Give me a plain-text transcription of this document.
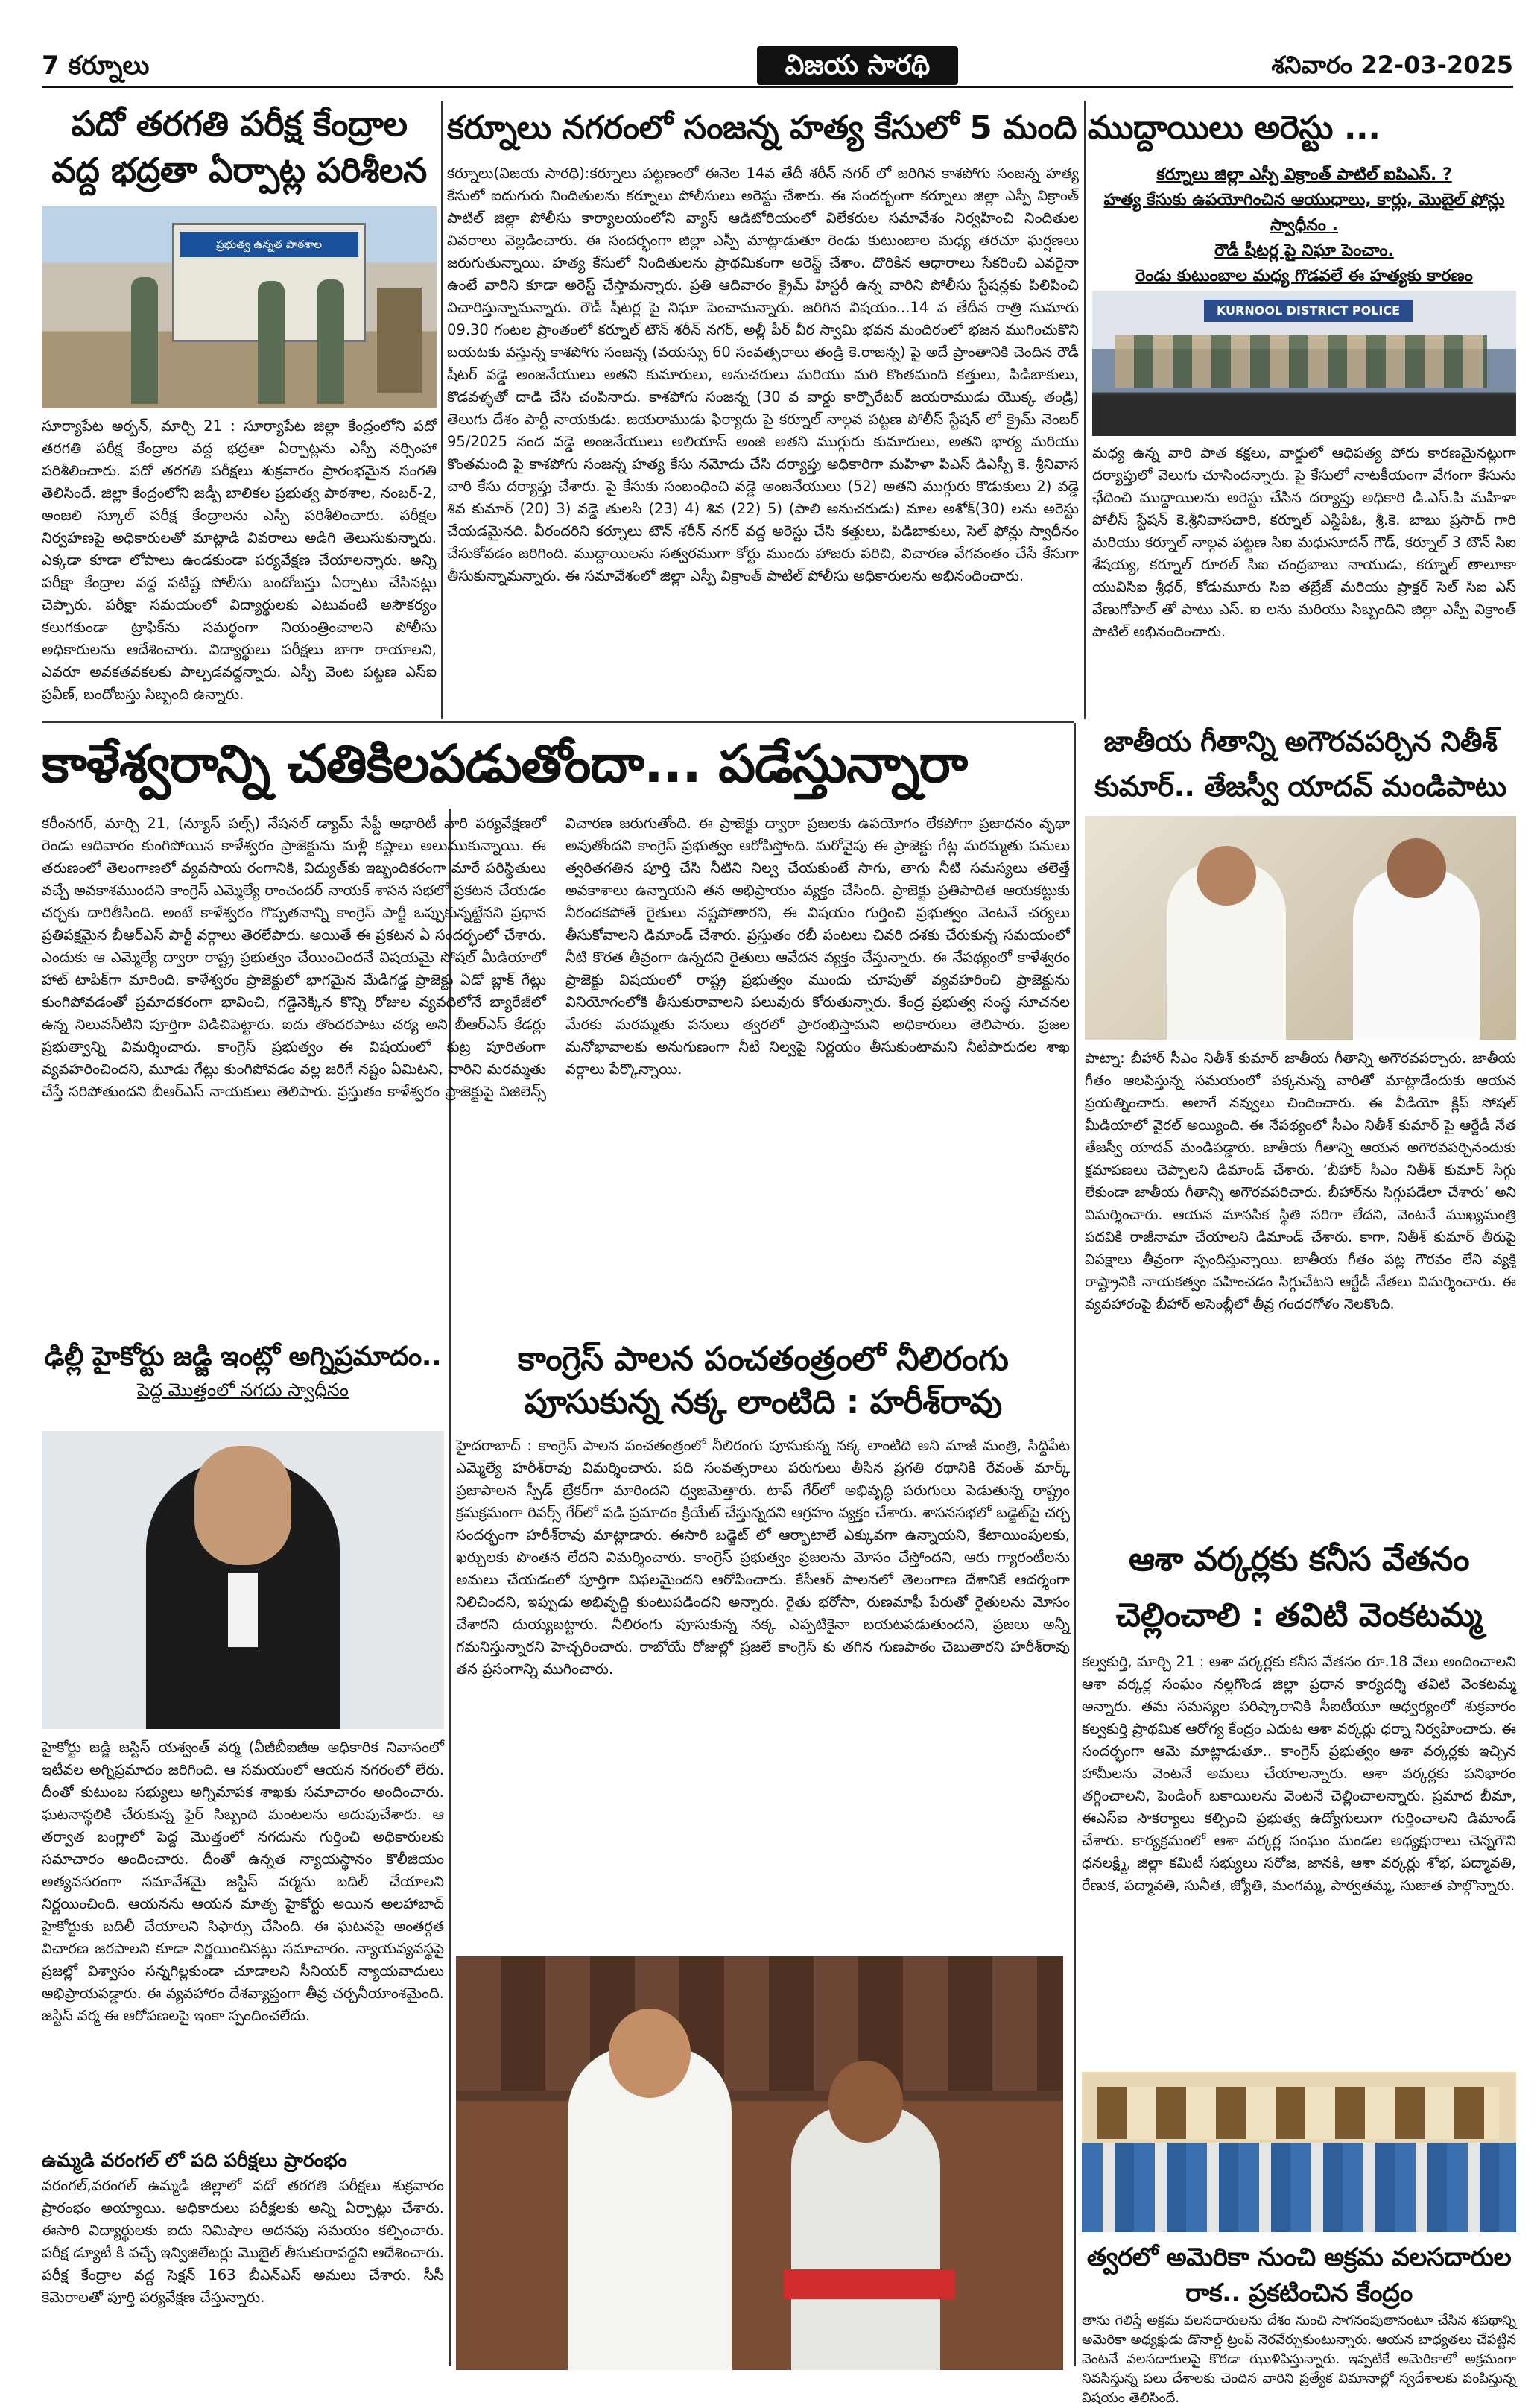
7 కర్నూలు	విజయ సారథి	శనివారం 22-03-2025
పదో తరగతి పరీక్ష కేంద్రాల వద్ద భద్రతా ఏర్పాట్ల పరిశీలన
ప్రభుత్వ ఉన్నత పాఠశాల
సూర్యాపేట అర్బన్, మార్చి 21 : సూర్యాపేట జిల్లా కేంద్రంలోని పదో తరగతి పరీక్ష కేంద్రాల వద్ద భద్రతా ఏర్పాట్లను ఎస్పీ నర్సింహా పరిశీలించారు. పదో తరగతి పరీక్షలు శుక్రవారం ప్రారంభమైన సంగతి తెలిసిందే. జిల్లా కేంద్రంలోని జడ్పీ బాలికల ప్రభుత్వ పాఠశాల, నంబర్-2, అంజలి స్కూల్ పరీక్ష కేంద్రాలను ఎస్పీ పరిశీలించారు. పరీక్షల నిర్వహణపై అధికారులతో మాట్లాడి వివరాలు అడిగి తెలుసుకున్నారు. ఎక్కడా కూడా లోపాలు ఉండకుండా పర్యవేక్షణ చేయాలన్నారు. అన్ని పరీక్షా కేంద్రాల వద్ద పటిష్ట పోలీసు బందోబస్తు ఏర్పాటు చేసినట్లు చెప్పారు. పరీక్షా సమయంలో విద్యార్థులకు ఎటువంటి అసౌకర్యం కలుగకుండా ట్రాఫిక్‌ను సమర్థంగా నియంత్రించాలని పోలీసు అధికారులను ఆదేశించారు. విద్యార్థులు పరీక్షలు బాగా రాయాలని, ఎవరూ అవకతవకలకు పాల్పడవద్దన్నారు. ఎస్పీ వెంట పట్టణ ఎస్ఐ ప్రవీణ్, బందోబస్తు సిబ్బంది ఉన్నారు.
కర్నూలు నగరంలో సంజన్న హత్య కేసులో 5 మంది ముద్దాయిలు అరెస్టు ...
కర్నూలు(విజయ సారథి):కర్నూలు పట్టణంలో ఈనెల 14వ తేదీ శరీన్ నగర్ లో జరిగిన కాశపోగు సంజన్న హత్య కేసులో ఐదుగురు నిందితులను కర్నూలు పోలీసులు అరెస్టు చేశారు. ఈ సందర్భంగా కర్నూలు జిల్లా ఎస్పీ విక్రాంత్ పాటిల్ జిల్లా పోలీసు కార్యాలయంలోని వ్యాస్ ఆడిటోరియంలో విలేకరుల సమావేశం నిర్వహించి నిందితుల వివరాలు వెల్లడించారు. ఈ సందర్భంగా జిల్లా ఎస్పీ మాట్లాడుతూ రెండు కుటుంబాల మధ్య తరచూ ఘర్షణలు జరుగుతున్నాయి. హత్య కేసులో నిందితులను ప్రాథమికంగా అరెస్ట్ చేశాం. దొరికిన ఆధారాలు సేకరించి ఎవరైనా ఉంటే వారిని కూడా అరెస్ట్ చేస్తామన్నారు. ప్రతి ఆదివారం క్రైమ్ హిస్టరీ ఉన్న వారిని పోలీసు స్టేషన్లకు పిలిపించి విచారిస్తున్నామన్నారు. రౌడీ షీటర్ల పై నిఘా పెంచామన్నారు. జరిగిన విషయం...14 వ తేదీన రాత్రి సుమారు 09.30 గంటల ప్రాంతంలో కర్నూల్ టౌన్ శరీన్ నగర్, అల్లీ పీర్ వీర స్వామి భవన మందిరంలో భజన ముగించుకొని బయటకు వస్తున్న కాశపోగు సంజన్న (వయస్సు 60 సంవత్సరాలు తండ్రి కె.రాజన్న) పై అదే ప్రాంతానికి చెందిన రౌడీ షీటర్ వడ్డె అంజనేయులు అతని కుమారులు, అనుచరులు మరియు మరి కొంతమంది కత్తులు, పిడిబాకులు, కొడవళ్ళతో దాడి చేసి చంపినారు. కాశపోగు సంజన్న (30 వ వార్డు కార్పొరేటర్ జయరాముడు యొక్క తండ్రి) తెలుగు దేశం పార్టీ నాయకుడు. జయరాముడు ఫిర్యాదు పై కర్నూల్ నాల్గవ పట్టణ పోలీస్ స్టేషన్ లో క్రైమ్ నెంబర్ 95/2025 నంద వడ్డె అంజనేయులు అలియాస్ అంజి అతని ముగ్గురు కుమారులు, అతని భార్య మరియు కొంతమంది పై కాశపోగు సంజన్న హత్య కేసు నమోదు చేసి దర్యాప్తు అధికారిగా మహిళా పిఎస్ డిఎస్పీ కె. శ్రీనివాస చారి కేసు దర్యాప్తు చేశారు. పై కేసుకు సంబంధించి వడ్డె అంజనేయులు (52) అతని ముగ్గురు కొడుకులు 2) వడ్డె శివ కుమార్ (20) 3) వడ్డె తులసి (23) 4) శివ (22) 5) (పాలి అనుచరుడు) మాల అశోక్(30) లను అరెస్టు చేయడమైనది. వీరందరిని కర్నూలు టౌన్ శరీన్ నగర్ వద్ద అరెస్టు చేసి కత్తులు, పిడిబాకులు, సెల్ ఫోన్లు స్వాధీనం చేసుకోవడం జరిగింది. ముద్దాయిలను సత్వరముగా కోర్టు ముందు హాజరు పరిచి, విచారణ వేగవంతం చేసే కేసుగా తీసుకున్నామన్నారు. ఈ సమావేశంలో జిల్లా ఎస్పీ విక్రాంత్ పాటిల్ పోలీసు అధికారులను అభినందించారు.
కర్నూలు జిల్లా ఎస్పీ విక్రాంత్ పాటిల్ ఐపిఎస్. ?
హత్య కేసుకు ఉపయోగించిన ఆయుధాలు, కార్లు, మొబైల్ ఫోన్లు స్వాధీనం .
రౌడీ షీటర్ల పై నిఘా పెంచాం.
రెండు కుటుంబాల మధ్య గొడవలే ఈ హత్యకు కారణం
KURNOOL DISTRICT POLICE
మధ్య ఉన్న వారి పాత కక్షలు, వార్డులో ఆధిపత్య పోరు కారణమైనట్లుగా దర్యాప్తులో వెలుగు చూసిందన్నారు. పై కేసులో నాటకీయంగా వేగంగా కేసును ఛేదించి ముద్దాయిలను అరెస్టు చేసిన దర్యాప్తు అధికారి డి.ఎస్.పి మహిళా పోలీస్ స్టేషన్ కె.శ్రీనివాసచారి, కర్నూల్ ఎస్డిపిఓ, శ్రీ.కె. బాబు ప్రసాద్ గారి మరియు కర్నూల్ నాల్గవ పట్టణ సిఐ మధుసూదన్ గౌడ్, కర్నూల్ 3 టౌన్ సిఐ శేషయ్య, కర్నూల్ రూరల్ సిఐ చంద్రబాబు నాయుడు, కర్నూల్ తాలూకా యువిసిఐ శ్రీధర్, కోడుమూరు సిఐ తబ్రేజ్ మరియు ప్రాక్షర్ సెల్ సిఐ ఎస్ వేణుగోపాల్ తో పాటు ఎస్. ఐ లను మరియు సిబ్బందిని జిల్లా ఎస్పీ విక్రాంత్ పాటిల్ అభినందించారు.
కాళేశ్వరాన్ని చతికిలపడుతోందా... పడేస్తున్నారా
కరీంనగర్, మార్చి 21, (న్యూస్ పల్స్) నేషనల్ డ్యామ్ సేఫ్టీ అథారిటీ వారి పర్యవేక్షణలో రెండు ఆదివారం కుంగిపోయిన కాళేశ్వరం ప్రాజెక్టును మళ్లీ కష్టాలు అలుముకున్నాయి. ఈ తరుణంలో తెలంగాణలో వ్యవసాయ రంగానికి, విద్యుత్‌కు ఇబ్బందికరంగా మారే పరిస్థితులు వచ్చే అవకాశముందని కాంగ్రెస్ ఎమ్మెల్యే రాంచందర్ నాయక్ శాసన సభలో ప్రకటన చేయడం చర్చకు దారితీసింది. అంటే కాళేశ్వరం గొప్పతనాన్ని కాంగ్రెస్ పార్టీ ఒప్పుకున్నట్టేనని ప్రధాన ప్రతిపక్షమైన బీఆర్ఎస్ పార్టీ వర్గాలు తెరలేపారు. అయితే ఈ ప్రకటన ఏ సందర్భంలో చేశారు. ఎందుకు ఆ ఎమ్మెల్యే ద్వారా రాష్ట్ర ప్రభుత్వం చేయించిందనే విషయమై సోషల్ మీడియాలో హాట్ టాపిక్‌గా మారింది. కాళేశ్వరం ప్రాజెక్టులో భాగమైన మేడిగడ్డ ప్రాజెక్టు ఏడో బ్లాక్ గేట్లు కుంగిపోవడంతో ప్రమాదకరంగా భావించి, గడ్డెనెక్కిన కొన్ని రోజుల వ్యవధిలోనే బ్యారేజీలో ఉన్న నిలువనీటిని పూర్తిగా విడిచిపెట్టారు. ఐదు తొందరపాటు చర్య అని బీఆర్ఎస్ కేడర్లు ప్రభుత్వాన్ని విమర్శించారు. కాంగ్రెస్ ప్రభుత్వం ఈ విషయంలో కుట్ర పూరితంగా వ్యవహరించిందని, మూడు గేట్లు కుంగిపోవడం వల్ల జరిగే నష్టం ఏమిటని, వారిని మరమ్మతు చేస్తే సరిపోతుందని బీఆర్ఎస్ నాయకులు తెలిపారు. ప్రస్తుతం కాళేశ్వరం ప్రాజెక్టుపై విజిలెన్స్ విచారణ జరుగుతోంది. ఈ ప్రాజెక్టు ద్వారా ప్రజలకు ఉపయోగం లేకపోగా ప్రజాధనం వృథా అవుతోందని కాంగ్రెస్ ప్రభుత్వం ఆరోపిస్తోంది. మరోవైపు ఈ ప్రాజెక్టు గేట్ల మరమ్మతు పనులు త్వరితగతిన పూర్తి చేసి నీటిని నిల్వ చేయకుంటే సాగు, తాగు నీటి సమస్యలు తలెత్తే అవకాశాలు ఉన్నాయని తన అభిప్రాయం వ్యక్తం చేసింది. ప్రాజెక్టు ప్రతిపాదిత ఆయకట్టుకు నీరందకపోతే రైతులు నష్టపోతారని, ఈ విషయం గుర్తించి ప్రభుత్వం వెంటనే చర్యలు తీసుకోవాలని డిమాండ్ చేశారు. ప్రస్తుతం రబీ పంటలు చివరి దశకు చేరుకున్న సమయంలో నీటి కొరత తీవ్రంగా ఉన్నదని రైతులు ఆవేదన వ్యక్తం చేస్తున్నారు. ఈ నేపథ్యంలో కాళేశ్వరం ప్రాజెక్టు విషయంలో రాష్ట్ర ప్రభుత్వం ముందు చూపుతో వ్యవహరించి ప్రాజెక్టును వినియోగంలోకి తీసుకురావాలని పలువురు కోరుతున్నారు. కేంద్ర ప్రభుత్వ సంస్థ సూచనల మేరకు మరమ్మతు పనులు త్వరలో ప్రారంభిస్తామని అధికారులు తెలిపారు. ప్రజల మనోభావాలకు అనుగుణంగా నీటి నిల్వపై నిర్ణయం తీసుకుంటామని నీటిపారుదల శాఖ వర్గాలు పేర్కొన్నాయి.
జాతీయ గీతాన్ని అగౌరవపర్చిన నితీశ్ కుమార్.. తేజస్వీ యాదవ్ మండిపాటు
పాట్నా: బీహార్ సీఎం నితీశ్ కుమార్ జాతీయ గీతాన్ని అగౌరవపర్చారు. జాతీయ గీతం ఆలపిస్తున్న సమయంలో పక్కనున్న వారితో మాట్లాడేందుకు ఆయన ప్రయత్నించారు. అలాగే నవ్వులు చిందించారు. ఈ వీడియో క్లిప్ సోషల్ మీడియాలో వైరల్ అయ్యింది. ఈ నేపథ్యంలో సీఎం నితీశ్ కుమార్ పై ఆర్జేడీ నేత తేజస్వీ యాదవ్ మండిపడ్డారు. జాతీయ గీతాన్ని ఆయన అగౌరవపర్చినందుకు క్షమాపణలు చెప్పాలని డిమాండ్ చేశారు. ‘బీహార్ సీఎం నితీశ్ కుమార్ సిగ్గు లేకుండా జాతీయ గీతాన్ని అగౌరవపరిచారు. బీహార్‌ను సిగ్గుపడేలా చేశారు’ అని విమర్శించారు. ఆయన మానసిక స్థితి సరిగా లేదని, వెంటనే ముఖ్యమంత్రి పదవికి రాజీనామా చేయాలని డిమాండ్ చేశారు. కాగా, నితీశ్ కుమార్ తీరుపై విపక్షాలు తీవ్రంగా స్పందిస్తున్నాయి. జాతీయ గీతం పట్ల గౌరవం లేని వ్యక్తి రాష్ట్రానికి నాయకత్వం వహించడం సిగ్గుచేటని ఆర్జేడీ నేతలు విమర్శించారు. ఈ వ్యవహారంపై బీహార్ అసెంబ్లీలో తీవ్ర గందరగోళం నెలకొంది.
ఢిల్లీ హైకోర్టు జడ్జి ఇంట్లో అగ్నిప్రమాదం..
పెద్ద మొత్తంలో నగదు స్వాధీనం
హైకోర్టు జడ్జి జస్టిస్ యశ్వంత్ వర్మ (వీజీబీఐజీఅ అధికారిక నివాసంలో ఇటీవల అగ్నిప్రమాదం జరిగింది. ఆ సమయంలో ఆయన నగరంలో లేరు. దీంతో కుటుంబ సభ్యులు అగ్నిమాపక శాఖకు సమాచారం అందించారు. ఘటనాస్థలికి చేరుకున్న ఫైర్ సిబ్బంది మంటలను అదుపుచేశారు. ఆ తర్వాత బంగ్లాలో పెద్ద మొత్తంలో నగదును గుర్తించి అధికారులకు సమాచారం అందించారు. దీంతో ఉన్నత న్యాయస్థానం కొలీజియం అత్యవసరంగా సమావేశమై జస్టిస్ వర్మను బదిలీ చేయాలని నిర్ణయించింది. ఆయనను ఆయన మాతృ హైకోర్టు అయిన అలహాబాద్ హైకోర్టుకు బదిలీ చేయాలని సిఫార్సు చేసింది. ఈ ఘటనపై అంతర్గత విచారణ జరపాలని కూడా నిర్ణయించినట్లు సమాచారం. న్యాయవ్యవస్థపై ప్రజల్లో విశ్వాసం సన్నగిల్లకుండా చూడాలని సీనియర్ న్యాయవాదులు అభిప్రాయపడ్డారు. ఈ వ్యవహారం దేశవ్యాప్తంగా తీవ్ర చర్చనీయాంశమైంది. జస్టిస్ వర్మ ఈ ఆరోపణలపై ఇంకా స్పందించలేదు.
ఉమ్మడి వరంగల్ లో పది పరీక్షలు ప్రారంభం
వరంగల్,వరంగల్ ఉమ్మడి జిల్లాలో పదో తరగతి పరీక్షలు శుక్రవారం ప్రారంభం అయ్యాయి. అధికారులు పరీక్షలకు అన్ని ఏర్పాట్లు చేశారు. ఈసారి విద్యార్థులకు ఐదు నిమిషాల అదనపు సమయం కల్పించారు. పరీక్ష డ్యూటీ కి వచ్చే ఇన్విజిలేటర్లు మొబైల్ తీసుకురావద్దని ఆదేశించారు. పరీక్ష కేంద్రాల వద్ద సెక్షన్ 163 బీఎన్ఎస్ అమలు చేశారు. సీసీ కెమెరాలతో పూర్తి పర్యవేక్షణ చేస్తున్నారు.
కాంగ్రెస్ పాలన పంచతంత్రంలో నీలిరంగు పూసుకున్న నక్క లాంటిది : హరీశ్‌రావు
హైదరాబాద్ : కాంగ్రెస్ పాలన పంచతంత్రంలో నీలిరంగు పూసుకున్న నక్క లాంటిది అని మాజీ మంత్రి, సిద్దిపేట ఎమ్మెల్యే హరీశ్‌రావు విమర్శించారు. పది సంవత్సరాలు పరుగులు తీసిన ప్రగతి రథానికి రేవంత్ మార్క్ ప్రజాపాలన స్పీడ్ బ్రేకర్‌గా మారిందని ధ్వజమెత్తారు. టాప్ గేర్‌లో అభివృద్ధి పరుగులు పెడుతున్న రాష్ట్రం క్రమక్రమంగా రివర్స్ గేర్‌లో పడి ప్రమాదం క్రియేట్ చేస్తున్నదని ఆగ్రహం వ్యక్తం చేశారు. శాసనసభలో బడ్జెట్‌పై చర్చ సందర్భంగా హరీశ్‌రావు మాట్లాడారు. ఈసారి బడ్జెట్ లో ఆర్భాటాలే ఎక్కువగా ఉన్నాయని, కేటాయింపులకు, ఖర్చులకు పొంతన లేదని విమర్శించారు. కాంగ్రెస్ ప్రభుత్వం ప్రజలను మోసం చేస్తోందని, ఆరు గ్యారంటీలను అమలు చేయడంలో పూర్తిగా విఫలమైందని ఆరోపించారు. కేసీఆర్ పాలనలో తెలంగాణ దేశానికే ఆదర్శంగా నిలిచిందని, ఇప్పుడు అభివృద్ధి కుంటుపడిందని అన్నారు. రైతు భరోసా, రుణమాఫీ పేరుతో రైతులను మోసం చేశారని దుయ్యబట్టారు. నీలిరంగు పూసుకున్న నక్క ఎప్పటికైనా బయటపడుతుందని, ప్రజలు అన్నీ గమనిస్తున్నారని హెచ్చరించారు. రాబోయే రోజుల్లో ప్రజలే కాంగ్రెస్ కు తగిన గుణపాఠం చెబుతారని హరీశ్‌రావు తన ప్రసంగాన్ని ముగించారు.
ఆశా వర్కర్లకు కనీస వేతనం చెల్లించాలి : తవిటి వెంకటమ్మ
కల్వకుర్తి, మార్చి 21 : ఆశా వర్కర్లకు కనీస వేతనం రూ.18 వేలు అందించాలని ఆశా వర్కర్ల సంఘం నల్లగొండ జిల్లా ప్రధాన కార్యదర్శి తవిటి వెంకటమ్మ అన్నారు. తమ సమస్యల పరిష్కారానికి సీఐటీయూ ఆధ్వర్యంలో శుక్రవారం కల్వకుర్తి ప్రాథమిక ఆరోగ్య కేంద్రం ఎదుట ఆశా వర్కర్లు ధర్నా నిర్వహించారు. ఈ సందర్భంగా ఆమె మాట్లాడుతూ.. కాంగ్రెస్ ప్రభుత్వం ఆశా వర్కర్లకు ఇచ్చిన హామీలను వెంటనే అమలు చేయాలన్నారు. ఆశా వర్కర్లకు పనిభారం తగ్గించాలని, పెండింగ్ బకాయిలను వెంటనే చెల్లించాలన్నారు. ప్రమాద బీమా, ఈఎస్ఐ సౌకర్యాలు కల్పించి ప్రభుత్వ ఉద్యోగులుగా గుర్తించాలని డిమాండ్ చేశారు. కార్యక్రమంలో ఆశా వర్కర్ల సంఘం మండల అధ్యక్షురాలు చెన్నగౌని ధనలక్ష్మి, జిల్లా కమిటీ సభ్యులు సరోజ, జానకి, ఆశా వర్కర్లు శోభ, పద్మావతి, రేణుక, పద్మావతి, సునీత, జ్యోతి, మంగమ్మ, పార్వతమ్మ, సుజాత పాల్గొన్నారు.
త్వరలో అమెరికా నుంచి అక్రమ వలసదారుల రాక.. ప్రకటించిన కేంద్రం
తాను గెలిస్తే అక్రమ వలసదారులను దేశం నుంచి సాగనంపుతానంటూ చేసిన శపథాన్ని అమెరికా అధ్యక్షుడు డొనాల్డ్ ట్రంప్ నెరవేర్చుకుంటున్నారు. ఆయన బాధ్యతలు చేపట్టిన వెంటనే వలసదారులపై కొరడా ఝుళిపిస్తున్నారు. ఇప్పటికే అమెరికాలో అక్రమంగా నివసిస్తున్న పలు దేశాలకు చెందిన వారిని ప్రత్యేక విమానాల్లో స్వదేశాలకు పంపిస్తున్న విషయం తెలిసిందే.
